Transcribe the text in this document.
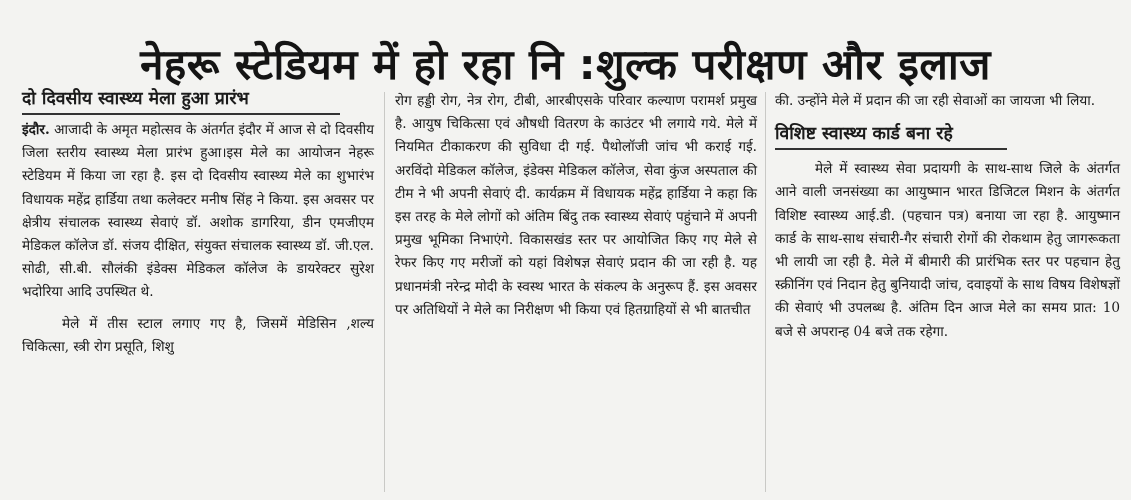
नेहरू स्टेडियम में हो रहा नि :शुल्क परीक्षण और इलाज
दो दिवसीय स्वास्थ्य मेला हुआ प्रारंभ

इंदौर. आजादी के अमृत महोत्सव के अंतर्गत इंदौर में आज से दो दिवसीय जिला स्तरीय स्वास्थ्य मेला प्रारंभ हुआ।इस मेले का आयोजन नेहरू स्टेडियम में किया जा रहा है. इस दो दिवसीय स्वास्थ्य मेले का शुभारंभ विधायक महेंद्र हार्डिया तथा कलेक्टर मनीष सिंह ने किया. इस अवसर पर क्षेत्रीय संचालक स्वास्थ्य सेवाएं डॉ. अशोक डागरिया, डीन एमजीएम मेडिकल कॉलेज डॉ. संजय दीक्षित, संयुक्त संचालक स्वास्थ्य डॉ. जी.एल. सोढी, सी.बी. सौलंकी इंडेक्स मेडिकल कॉलेज के डायरेक्टर सुरेश भदोरिया आदि उपस्थित थे.

मेले में तीस स्टाल लगाए गए है, जिसमें मेडिसिन ,शल्य चिकित्सा, स्त्री रोग प्रसूति, शिशु

रोग हड्डी रोग, नेत्र रोग, टीबी, आरबीएसके परिवार कल्याण परामर्श प्रमुख है. आयुष चिकित्सा एवं औषधी वितरण के काउंटर भी लगाये गये. मेले में नियमित टीकाकरण की सुविधा दी गई. पैथोलॉजी जांच भी कराई गई. अरविंदो मेडिकल कॉलेज, इंडेक्स मेडिकल कॉलेज, सेवा कुंज अस्पताल की टीम ने भी अपनी सेवाएं दी. कार्यक्रम में विधायक महेंद्र हार्डिया ने कहा कि इस तरह के मेले लोगों को अंतिम बिंदु तक स्वास्थ्य सेवाएं पहुंचाने में अपनी प्रमुख भूमिका निभाएंगे. विकासखंड स्तर पर आयोजित किए गए मेले से रेफर किए गए मरीजों को यहां विशेषज्ञ सेवाएं प्रदान की जा रही है. यह प्रधानमंत्री नरेन्द्र मोदी के स्वस्थ भारत के संकल्प के अनुरूप हैं. इस अवसर पर अतिथियों ने मेले का निरीक्षण भी किया एवं हितग्राहियों से भी बातचीत

की. उन्होंने मेले में प्रदान की जा रही सेवाओं का जायजा भी लिया.

विशिष्ट स्वास्थ्य कार्ड बना रहे

मेले में स्वास्थ्य सेवा प्रदायगी के साथ-साथ जिले के अंतर्गत आने वाली जनसंख्या का आयुष्मान भारत डिजिटल मिशन के अंतर्गत विशिष्ट स्वास्थ्य आई.डी. (पहचान पत्र) बनाया जा रहा है. आयुष्मान कार्ड के साथ-साथ संचारी-गैर संचारी रोगों की रोकथाम हेतु जागरूकता भी लायी जा रही है. मेले में बीमारी की प्रारंभिक स्तर पर पहचान हेतु स्क्रीनिंग एवं निदान हेतु बुनियादी जांच, दवाइयों के साथ विषय विशेषज्ञों की सेवाएं भी उपलब्ध है. अंतिम दिन आज मेले का समय प्रात: 10 बजे से अपरान्ह 04 बजे तक रहेगा.
